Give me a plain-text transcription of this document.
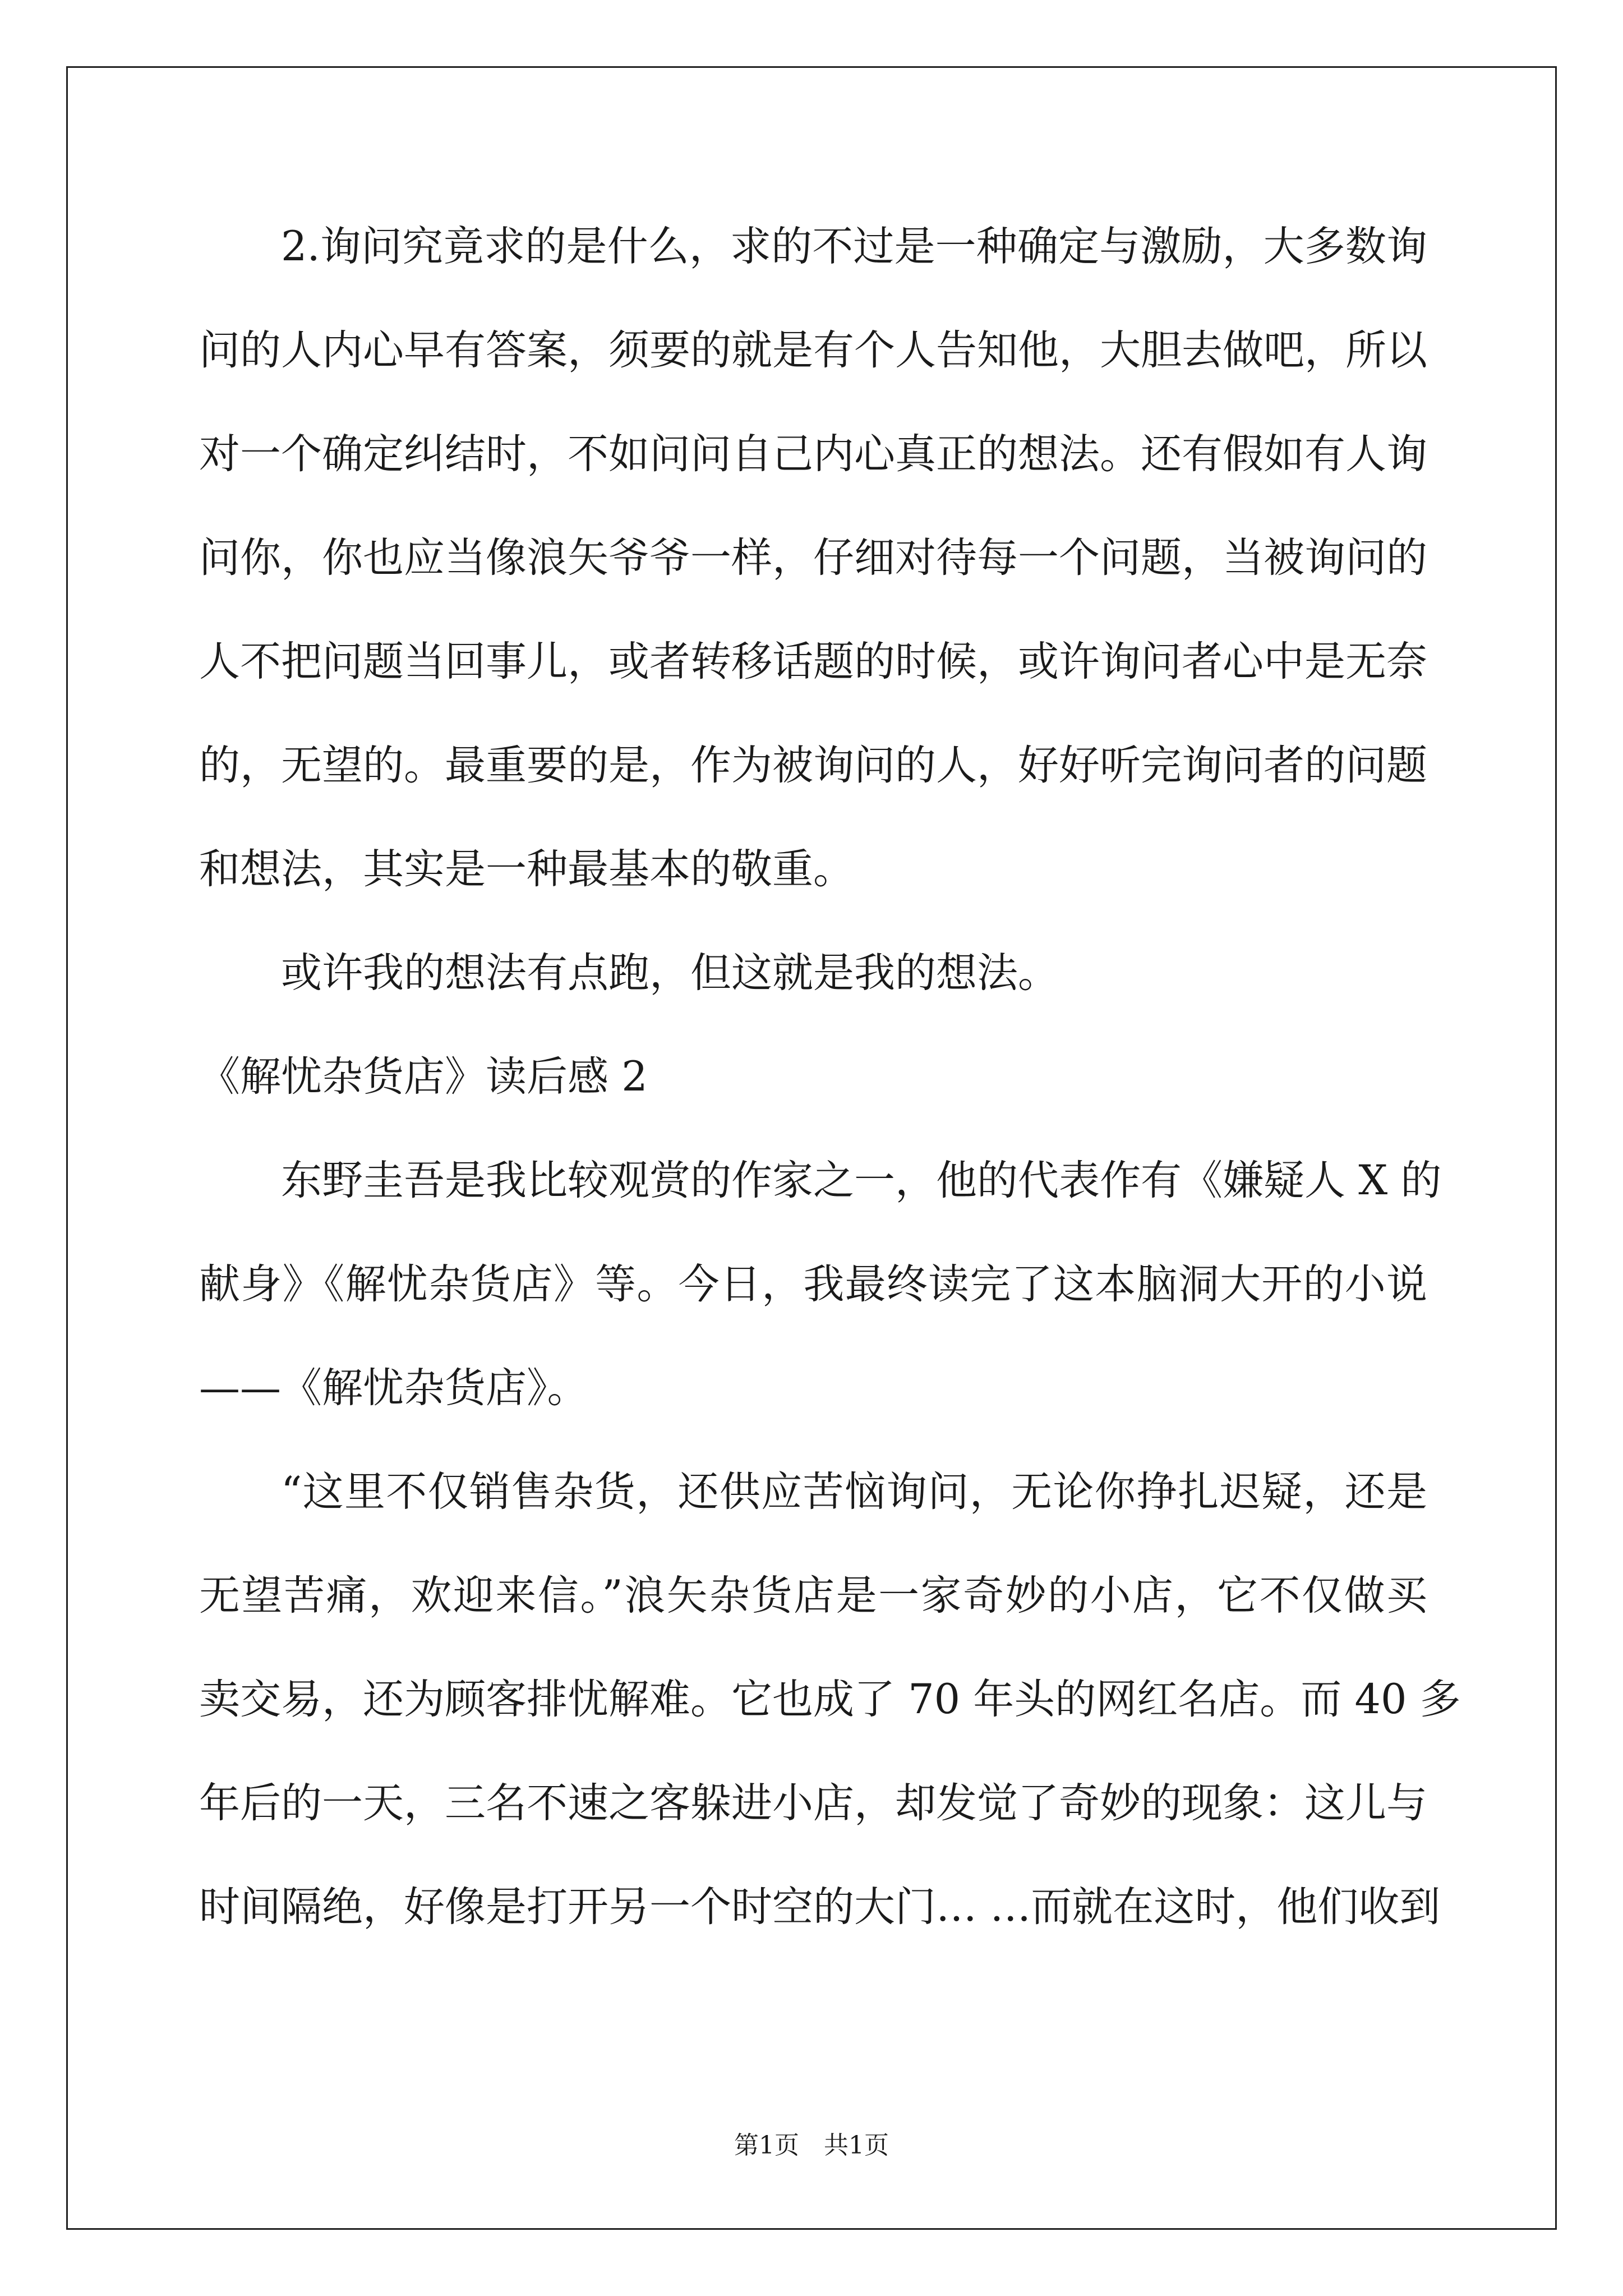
2.询问究竟求的是什么，求的不过是一种确定与激励，大多数询
问的人内心早有答案，须要的就是有个人告知他，大胆去做吧，所以
对一个确定纠结时，不如问问自己内心真正的想法。还有假如有人询
问你，你也应当像浪矢爷爷一样，仔细对待每一个问题，当被询问的
人不把问题当回事儿，或者转移话题的时候，或许询问者心中是无奈
的，无望的。最重要的是，作为被询问的人，好好听完询问者的问题
和想法，其实是一种最基本的敬重。
或许我的想法有点跑，但这就是我的想法。
《解忧杂货店》读后感 2
东野圭吾是我比较观赏的作家之一，他的代表作有《嫌疑人 X 的
献身》《解忧杂货店》等。今日，我最终读完了这本脑洞大开的小说
——《解忧杂货店》。
“这里不仅销售杂货，还供应苦恼询问，无论你挣扎迟疑，还是
无望苦痛，欢迎来信。”浪矢杂货店是一家奇妙的小店，它不仅做买
卖交易，还为顾客排忧解难。它也成了 70 年头的网红名店。而 40 多
年后的一天，三名不速之客躲进小店，却发觉了奇妙的现象：这儿与
时间隔绝，好像是打开另一个时空的大门… …而就在这时，他们收到
第1页　共1页
